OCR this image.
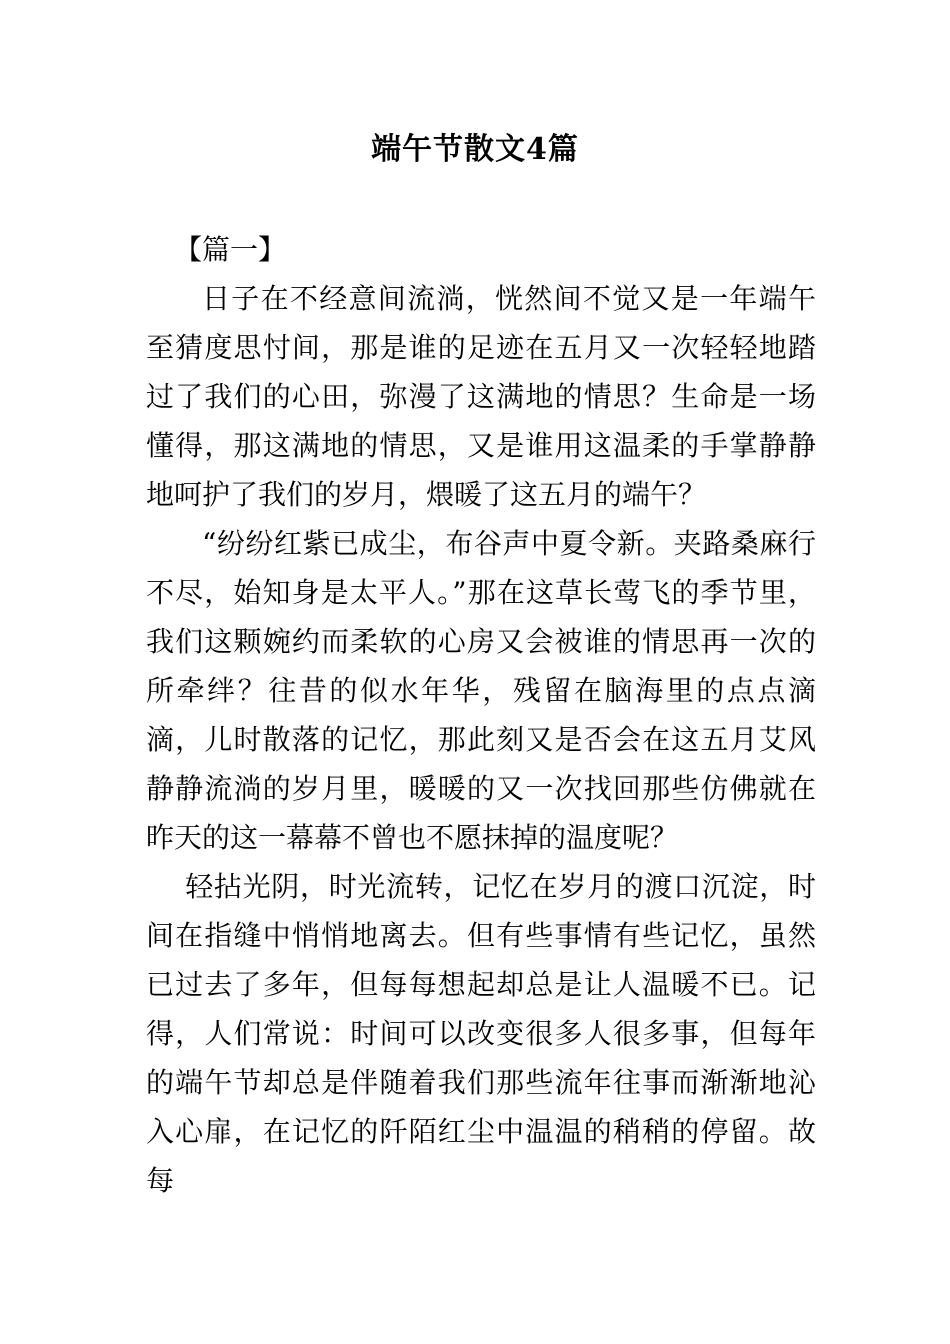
端午节散文4篇

【篇一】

日子在不经意间流淌，恍然间不觉又是一年端午至猜度思忖间，那是谁的足迹在五月又一次轻轻地踏过了我们的心田，弥漫了这满地的情思？生命是一场懂得，那这满地的情思，又是谁用这温柔的手掌静静地呵护了我们的岁月，煨暖了这五月的端午？

“纷纷红紫已成尘，布谷声中夏令新。夹路桑麻行不尽，始知身是太平人。”那在这草长莺飞的季节里，我们这颗婉约而柔软的心房又会被谁的情思再一次的所牵绊？往昔的似水年华，残留在脑海里的点点滴滴，儿时散落的记忆，那此刻又是否会在这五月艾风静静流淌的岁月里，暖暖的又一次找回那些仿佛就在昨天的这一幕幕不曾也不愿抹掉的温度呢？

轻拈光阴，时光流转，记忆在岁月的渡口沉淀，时间在指缝中悄悄地离去。但有些事情有些记忆，虽然已过去了多年，但每每想起却总是让人温暖不已。记得，人们常说：时间可以改变很多人很多事，但每年的端午节却总是伴随着我们那些流年往事而渐渐地沁入心扉，在记忆的阡陌红尘中温温的稍稍的停留。故每
